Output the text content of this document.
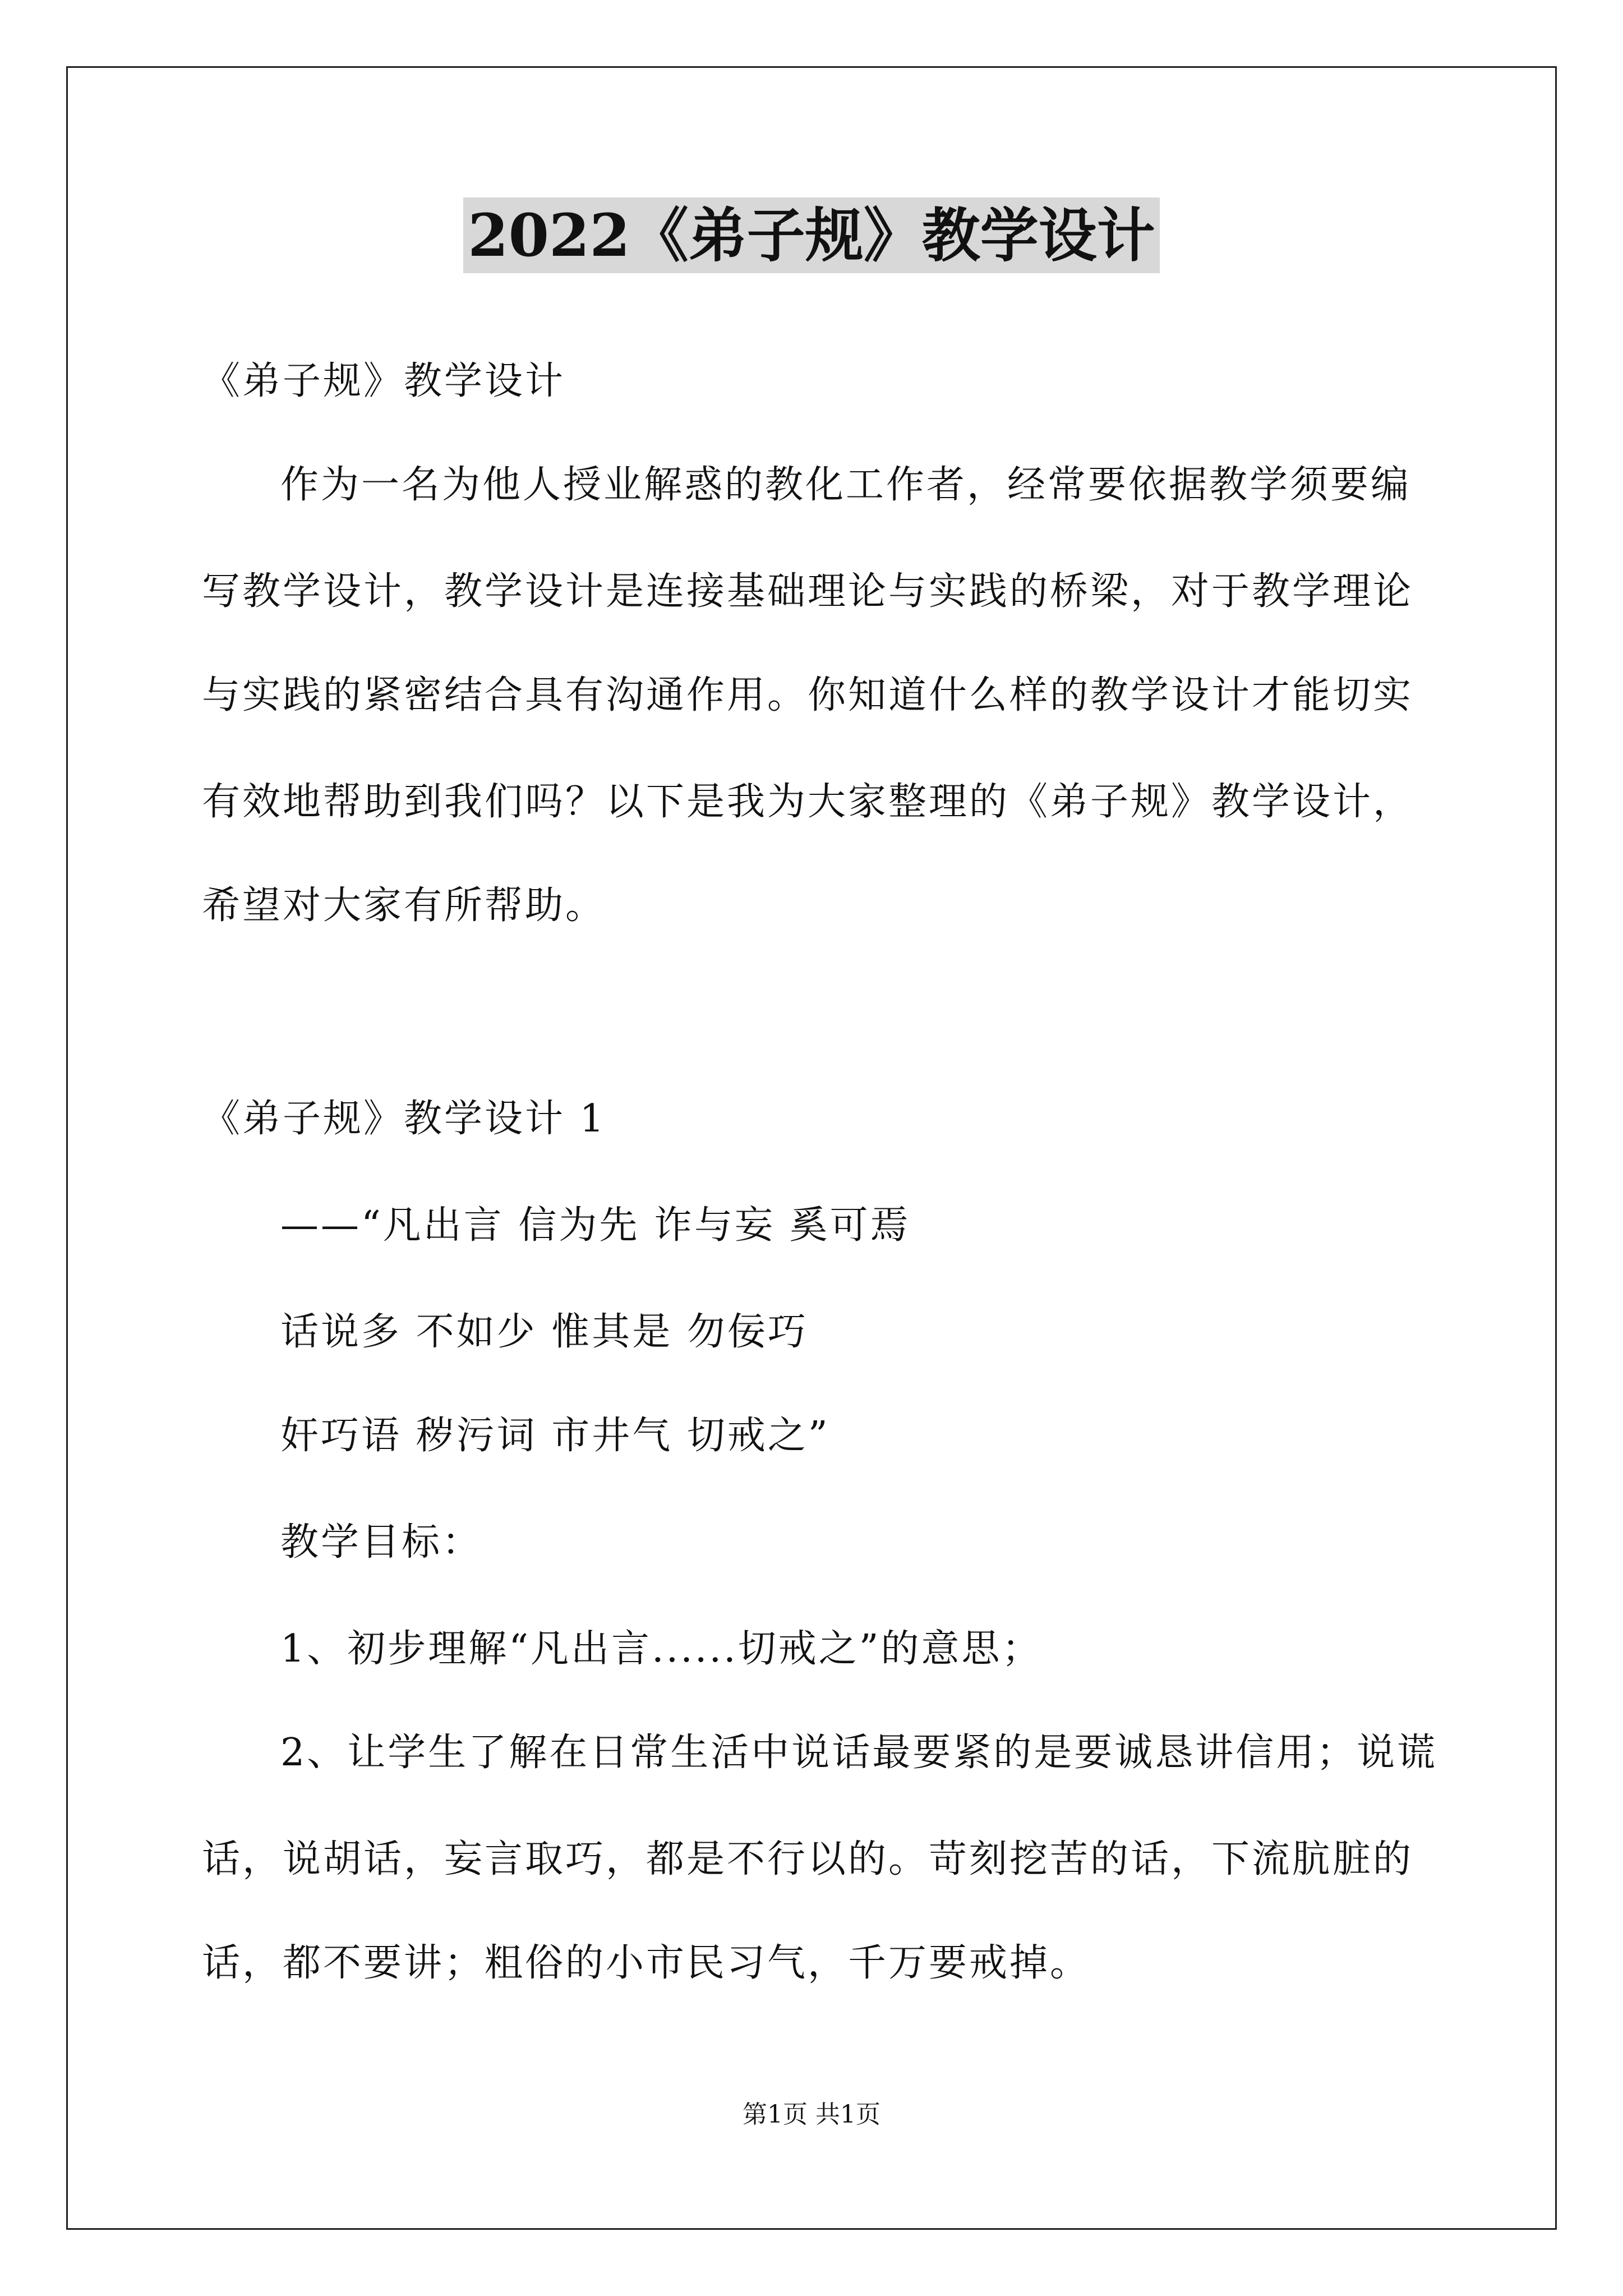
2022《弟子规》教学设计
《弟子规》教学设计
作为一名为他人授业解惑的教化工作者，经常要依据教学须要编
写教学设计，教学设计是连接基础理论与实践的桥梁，对于教学理论
与实践的紧密结合具有沟通作用。你知道什么样的教学设计才能切实
有效地帮助到我们吗？以下是我为大家整理的《弟子规》教学设计，
希望对大家有所帮助。
《弟子规》教学设计 1
——“凡出言 信为先 诈与妄 奚可焉
话说多 不如少 惟其是 勿佞巧
奸巧语 秽污词 市井气 切戒之”
教学目标：
1、初步理解“凡出言......切戒之”的意思；
2、让学生了解在日常生活中说话最要紧的是要诚恳讲信用；说谎
话，说胡话，妄言取巧，都是不行以的。苛刻挖苦的话，下流肮脏的
话，都不要讲；粗俗的小市民习气，千万要戒掉。
第1页 共1页
